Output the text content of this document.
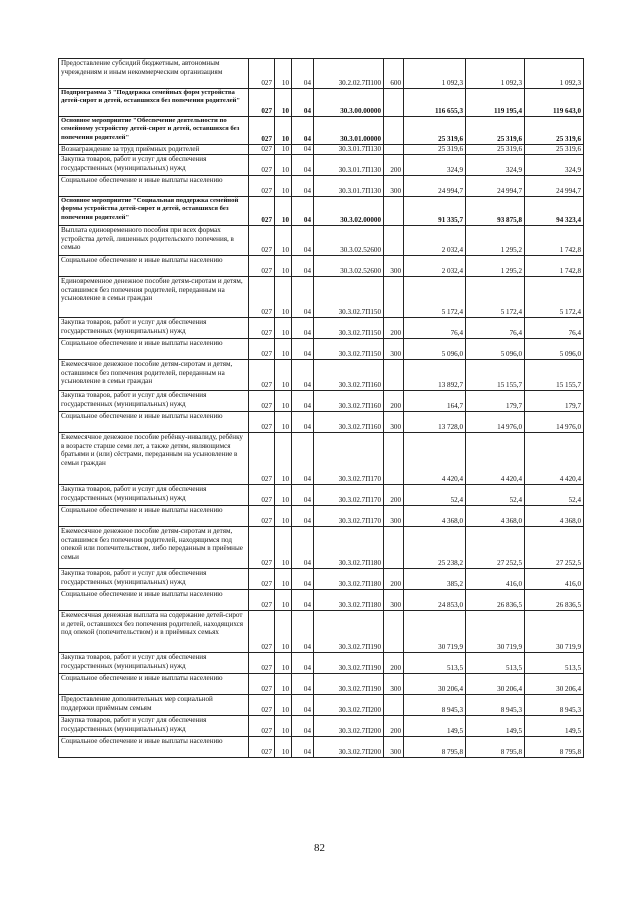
Предоставление субсидий бюджетным, автономным учреждениям и иным некоммерческим организациям	027	10	04	30.2.02.7П100	600	1 092,3	1 092,3	1 092,3
Подпрограмма 3 "Поддержка семейных форм устройства детей-сирот и детей, оставшихся без попечения родителей"	027	10	04	30.3.00.00000		116 655,3	119 195,4	119 643,0
Основное мероприятие "Обеспечение деятельности по семейному устройству детей-сирот и детей, оставшихся без попечения родителей"	027	10	04	30.3.01.00000		25 319,6	25 319,6	25 319,6
Вознаграждение за труд приёмных родителей	027	10	04	30.3.01.7П130		25 319,6	25 319,6	25 319,6
Закупка товаров, работ и услуг для обеспечения государственных (муниципальных) нужд	027	10	04	30.3.01.7П130	200	324,9	324,9	324,9
Социальное обеспечение и иные выплаты населению	027	10	04	30.3.01.7П130	300	24 994,7	24 994,7	24 994,7
Основное мероприятие "Социальная поддержка семейной формы устройства детей-сирот и детей, оставшихся без попечения родителей"	027	10	04	30.3.02.00000		91 335,7	93 875,8	94 323,4
Выплата единовременного пособия при всех формах устройства детей, лишенных родительского попечения, в семью	027	10	04	30.3.02.52600		2 032,4	1 295,2	1 742,8
Социальное обеспечение и иные выплаты населению	027	10	04	30.3.02.52600	300	2 032,4	1 295,2	1 742,8
Единовременное денежное пособие детям-сиротам и детям, оставшимся без попечения родителей, переданным на усыновление в семьи граждан	027	10	04	30.3.02.7П150		5 172,4	5 172,4	5 172,4
Закупка товаров, работ и услуг для обеспечения государственных (муниципальных) нужд	027	10	04	30.3.02.7П150	200	76,4	76,4	76,4
Социальное обеспечение и иные выплаты населению	027	10	04	30.3.02.7П150	300	5 096,0	5 096,0	5 096,0
Ежемесячное денежное пособие детям-сиротам и детям, оставшимся без попечения родителей, переданным на усыновление в семьи граждан	027	10	04	30.3.02.7П160		13 892,7	15 155,7	15 155,7
Закупка товаров, работ и услуг для обеспечения государственных (муниципальных) нужд	027	10	04	30.3.02.7П160	200	164,7	179,7	179,7
Социальное обеспечение и иные выплаты населению	027	10	04	30.3.02.7П160	300	13 728,0	14 976,0	14 976,0
Ежемесячное денежное пособие ребёнку-инвалиду, ребёнку в возрасте старше семи лет, а также детям, являющимся братьями и (или) сёстрами, переданным на усыновление в семьи граждан	027	10	04	30.3.02.7П170		4 420,4	4 420,4	4 420,4
Закупка товаров, работ и услуг для обеспечения государственных (муниципальных) нужд	027	10	04	30.3.02.7П170	200	52,4	52,4	52,4
Социальное обеспечение и иные выплаты населению	027	10	04	30.3.02.7П170	300	4 368,0	4 368,0	4 368,0
Ежемесячное денежное пособие детям-сиротам и детям, оставшимся без попечения родителей, находящимся под опекой или попечительством, либо переданным в приёмные семьи	027	10	04	30.3.02.7П180		25 238,2	27 252,5	27 252,5
Закупка товаров, работ и услуг для обеспечения государственных (муниципальных) нужд	027	10	04	30.3.02.7П180	200	385,2	416,0	416,0
Социальное обеспечение и иные выплаты населению	027	10	04	30.3.02.7П180	300	24 853,0	26 836,5	26 836,5
Ежемесячная денежная выплата на содержание детей-сирот и детей, оставшихся без попечения родителей, находящихся под опекой (попечительством) и в приёмных семьях	027	10	04	30.3.02.7П190		30 719,9	30 719,9	30 719,9
Закупка товаров, работ и услуг для обеспечения государственных (муниципальных) нужд	027	10	04	30.3.02.7П190	200	513,5	513,5	513,5
Социальное обеспечение и иные выплаты населению	027	10	04	30.3.02.7П190	300	30 206,4	30 206,4	30 206,4
Предоставление дополнительных мер социальной поддержки приёмным семьям	027	10	04	30.3.02.7П200		8 945,3	8 945,3	8 945,3
Закупка товаров, работ и услуг для обеспечения государственных (муниципальных) нужд	027	10	04	30.3.02.7П200	200	149,5	149,5	149,5
Социальное обеспечение и иные выплаты населению	027	10	04	30.3.02.7П200	300	8 795,8	8 795,8	8 795,8
82
